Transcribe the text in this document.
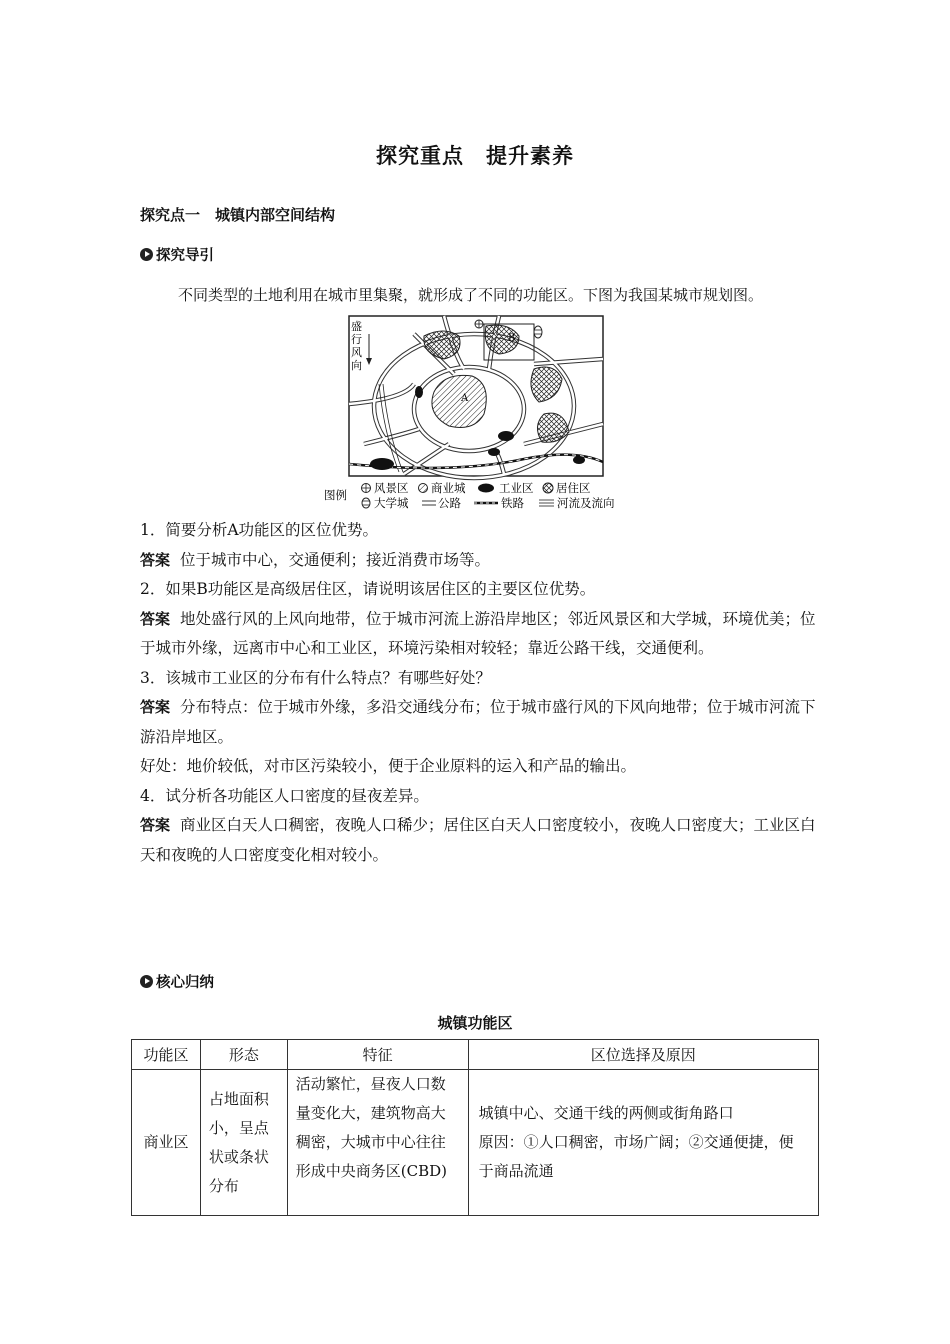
探究重点　提升素养
探究点一　城镇内部空间结构
探究导引
不同类型的土地利用在城市里集聚，就形成了不同的功能区。下图为我国某城市规划图。
盛
行
风
向
A
B
图例 风景区 商业城	工业区 居住区
大学城	公路	铁路	河流及流向

1．简要分析A功能区的区位优势。

答案 位于城市中心，交通便利；接近消费市场等。

2．如果B功能区是高级居住区，请说明该居住区的主要区位优势。

答案 地处盛行风的上风向地带，位于城市河流上游沿岸地区；邻近风景区和大学城，环境优美；位于城市外缘，远离市中心和工业区，环境污染相对较轻；靠近公路干线，交通便利。

3．该城市工业区的分布有什么特点？有哪些好处？

答案 分布特点：位于城市外缘，多沿交通线分布；位于城市盛行风的下风向地带；位于城市河流下游沿岸地区。

好处：地价较低，对市区污染较小，便于企业原料的运入和产品的输出。

4．试分析各功能区人口密度的昼夜差异。

答案 商业区白天人口稠密，夜晚人口稀少；居住区白天人口密度较小，夜晚人口密度大；工业区白天和夜晚的人口密度变化相对较小。

核心归纳
城镇功能区
功能区	形态	特征	区位选择及原因
商业区	占地面积小，呈点状或条状分布	活动繁忙，昼夜人口数量变化大，建筑物高大稠密，大城市中心往往形成中央商务区(CBD)	城镇中心、交通干线的两侧或街角路口
原因：①人口稠密，市场广阔；②交通便捷，便于商品流通
